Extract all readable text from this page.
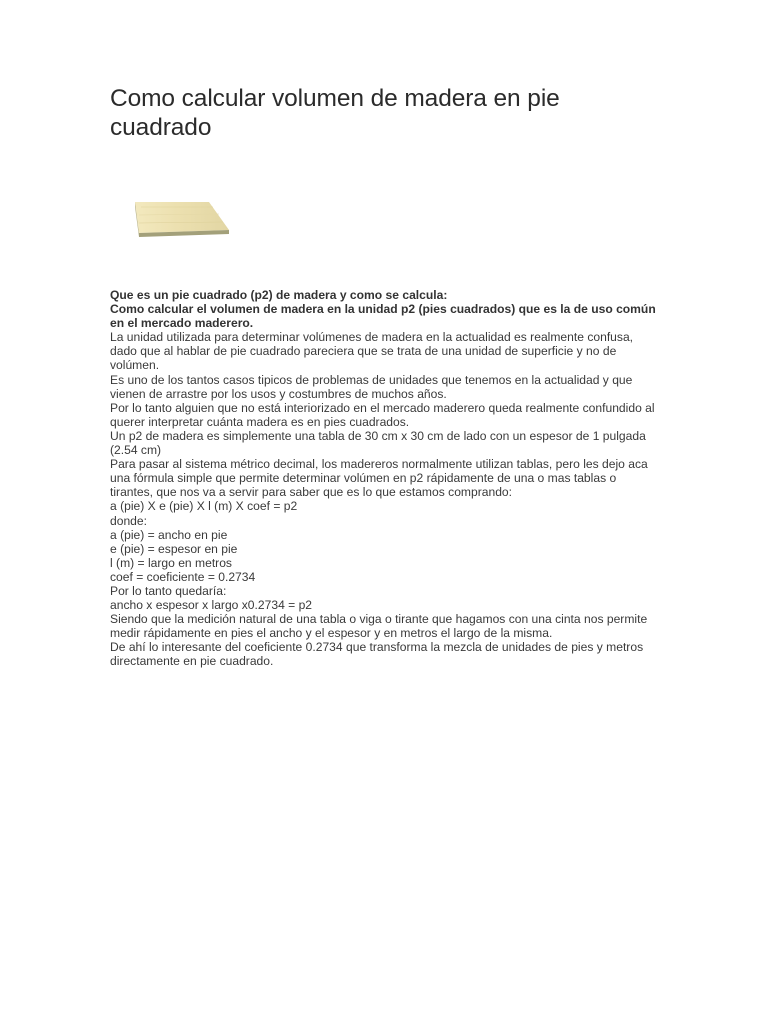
Como calcular volumen de madera en pie cuadrado

Que es un pie cuadrado (p2) de madera y como se calcula:

Como calcular el volumen de madera en la unidad p2 (pies cuadrados) que es la de uso común en el mercado maderero.

La unidad utilizada para determinar volúmenes de madera en la actualidad es realmente confusa, dado que al hablar de pie cuadrado pareciera que se trata de una unidad de superficie y no de volúmen.

Es uno de los tantos casos tipicos de problemas de unidades que tenemos en la actualidad y que vienen de arrastre por los usos y costumbres de muchos años.

Por lo tanto alguien que no está interiorizado en el mercado maderero queda realmente confundido al querer interpretar cuánta madera es en pies cuadrados.

Un p2 de madera es simplemente una tabla de 30 cm x 30 cm de lado con un espesor de 1 pulgada (2.54 cm)

Para pasar al sistema métrico decimal, los madereros normalmente utilizan tablas, pero les dejo aca una fórmula simple que permite determinar volúmen en p2 rápidamente de una o mas tablas o tirantes, que nos va a servir para saber que es lo que estamos comprando:

a (pie) X e (pie) X l (m) X coef = p2

donde:

a (pie) = ancho en pie

e (pie) = espesor en pie

l (m) = largo en metros

coef = coeficiente = 0.2734

Por lo tanto quedaría:

ancho x espesor x largo x0.2734 = p2

Siendo que la medición natural de una tabla o viga o tirante que hagamos con una cinta nos permite medir rápidamente en pies el ancho y el espesor y en metros el largo de la misma.

De ahí lo interesante del coeficiente 0.2734 que transforma la mezcla de unidades de pies y metros directamente en pie cuadrado.
